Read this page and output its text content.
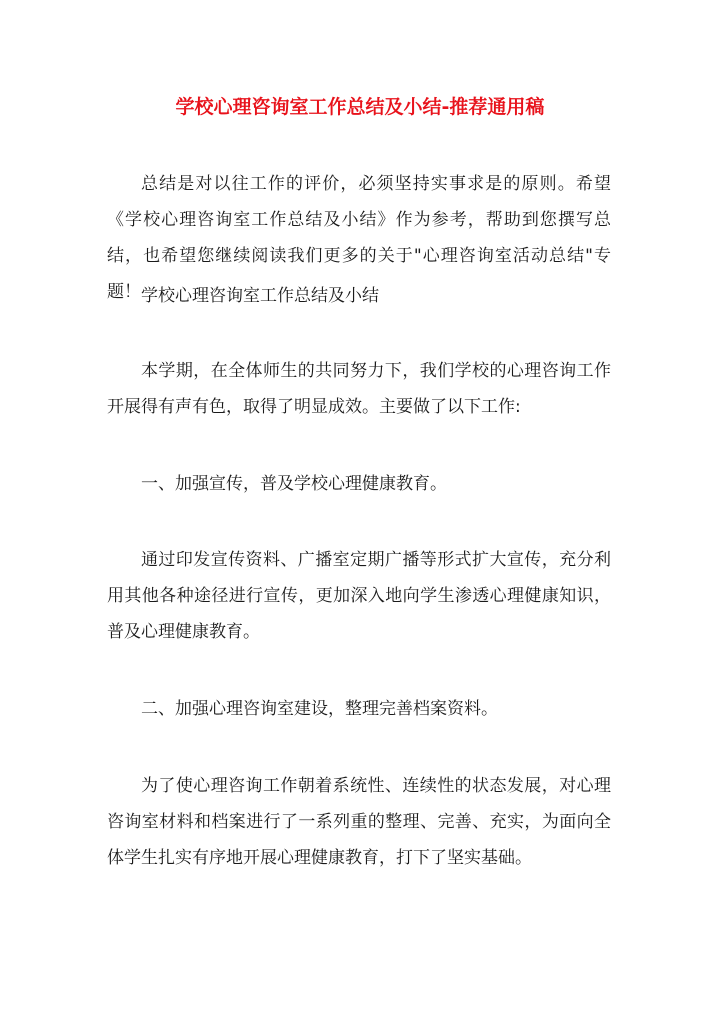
学校心理咨询室工作总结及小结-推荐通用稿

总结是对以往工作的评价，必须坚持实事求是的原则。希望《学校心理咨询室工作总结及小结》作为参考，帮助到您撰写总结，也希望您继续阅读我们更多的关于"心理咨询室活动总结"专题！ 学校心理咨询室工作总结及小结

本学期，在全体师生的共同努力下，我们学校的心理咨询工作开展得有声有色，取得了明显成效。主要做了以下工作:

一、加强宣传，普及学校心理健康教育。

通过印发宣传资料、广播室定期广播等形式扩大宣传，充分利用其他各种途径进行宣传，更加深入地向学生渗透心理健康知识，普及心理健康教育。

二、加强心理咨询室建设，整理完善档案资料。

为了使心理咨询工作朝着系统性、连续性的状态发展，对心理咨询室材料和档案进行了一系列重的整理、完善、充实，为面向全体学生扎实有序地开展心理健康教育，打下了坚实基础。
